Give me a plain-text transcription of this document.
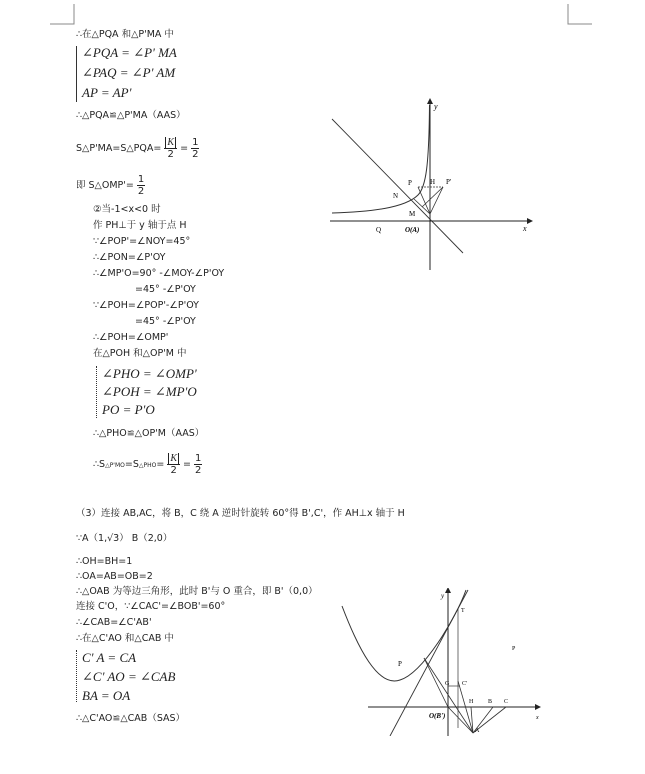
∴在△PQA 和△P'MA 中
∠PQA = ∠P' MA
∠PAQ = ∠P' AM
AP = AP'
∴△PQA≌△P'MA（AAS）
S△P'MA=S△PQA= $\frac{K}{2} = \frac{1}{2}$
即 S△OMP'= $\frac{1}{2}$
②当-1<x<0 时
作 PH⊥于 y 轴于点 H
∵∠POP'=∠NOY=45°
∴∠PON=∠P'OY
∴∠MP'O=90° -∠MOY-∠P'OY
=45° -∠P'OY
∵∠POH=∠POP'-∠P'OY
=45° -∠P'OY
∴∠POH=∠OMP'
在△POH 和△OP'M 中
∠PHO = ∠OMP'
∠POH = ∠MP'O
PO = P'O
∴△PHO≌△OP'M（AAS）
∴S△P'MO=S△PHO= $\frac{K}{2} = \frac{1}{2}$
（3）连接 AB,AC，将 B，C 绕 A 逆时针旋转 60°得 B',C'，作 AH⊥x 轴于 H
∵A（1,√3） B（2,0）
∴OH=BH=1
∴OA=AB=OB=2
∴△OAB 为等边三角形，此时 B'与 O 重合，即 B'（0,0）
连接 C'O，∵∠CAC'=∠BOB'=60°
∴∠CAB=∠C'AB'
∴在△C'AO 和△CAB 中
C' A = CA
∠C' AO = ∠CAB
BA = OA
∴△C'AO≌△CAB（SAS）
y
x
P	H P'
N
M
Q	O(A)
y
T
P
P
C'
G
H B C
O(B')	x
A
